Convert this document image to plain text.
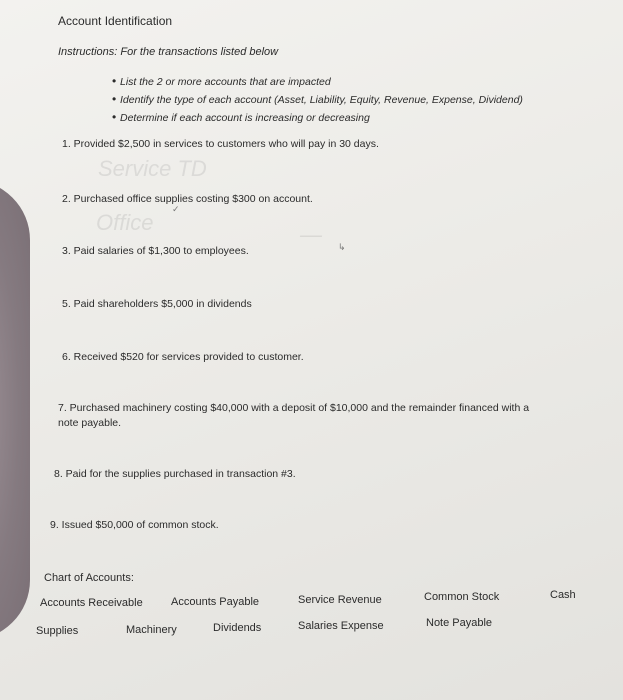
Service TD
Office	—
Account Identification
Instructions: For the transactions listed below
• List the 2 or more accounts that are impacted
• Identify the type of each account (Asset, Liability, Equity, Revenue, Expense, Dividend)
• Determine if each account is increasing or decreasing
1. Provided $2,500 in services to customers who will pay in 30 days.
2. Purchased office supplies costing $300 on account.
✓
3. Paid salaries of $1,300 to employees.	↳
5. Paid shareholders $5,000 in dividends
6. Received $520 for services provided to customer.
7. Purchased machinery costing $40,000 with a deposit of $10,000 and the remainder financed with a
note payable.
8. Paid for the supplies purchased in transaction #3.
9. Issued $50,000 of common stock.
Chart of Accounts:
Accounts Receivable	Accounts Payable	Service Revenue	Common Stock	Cash
Supplies	Machinery	Dividends	Salaries Expense	Note Payable
